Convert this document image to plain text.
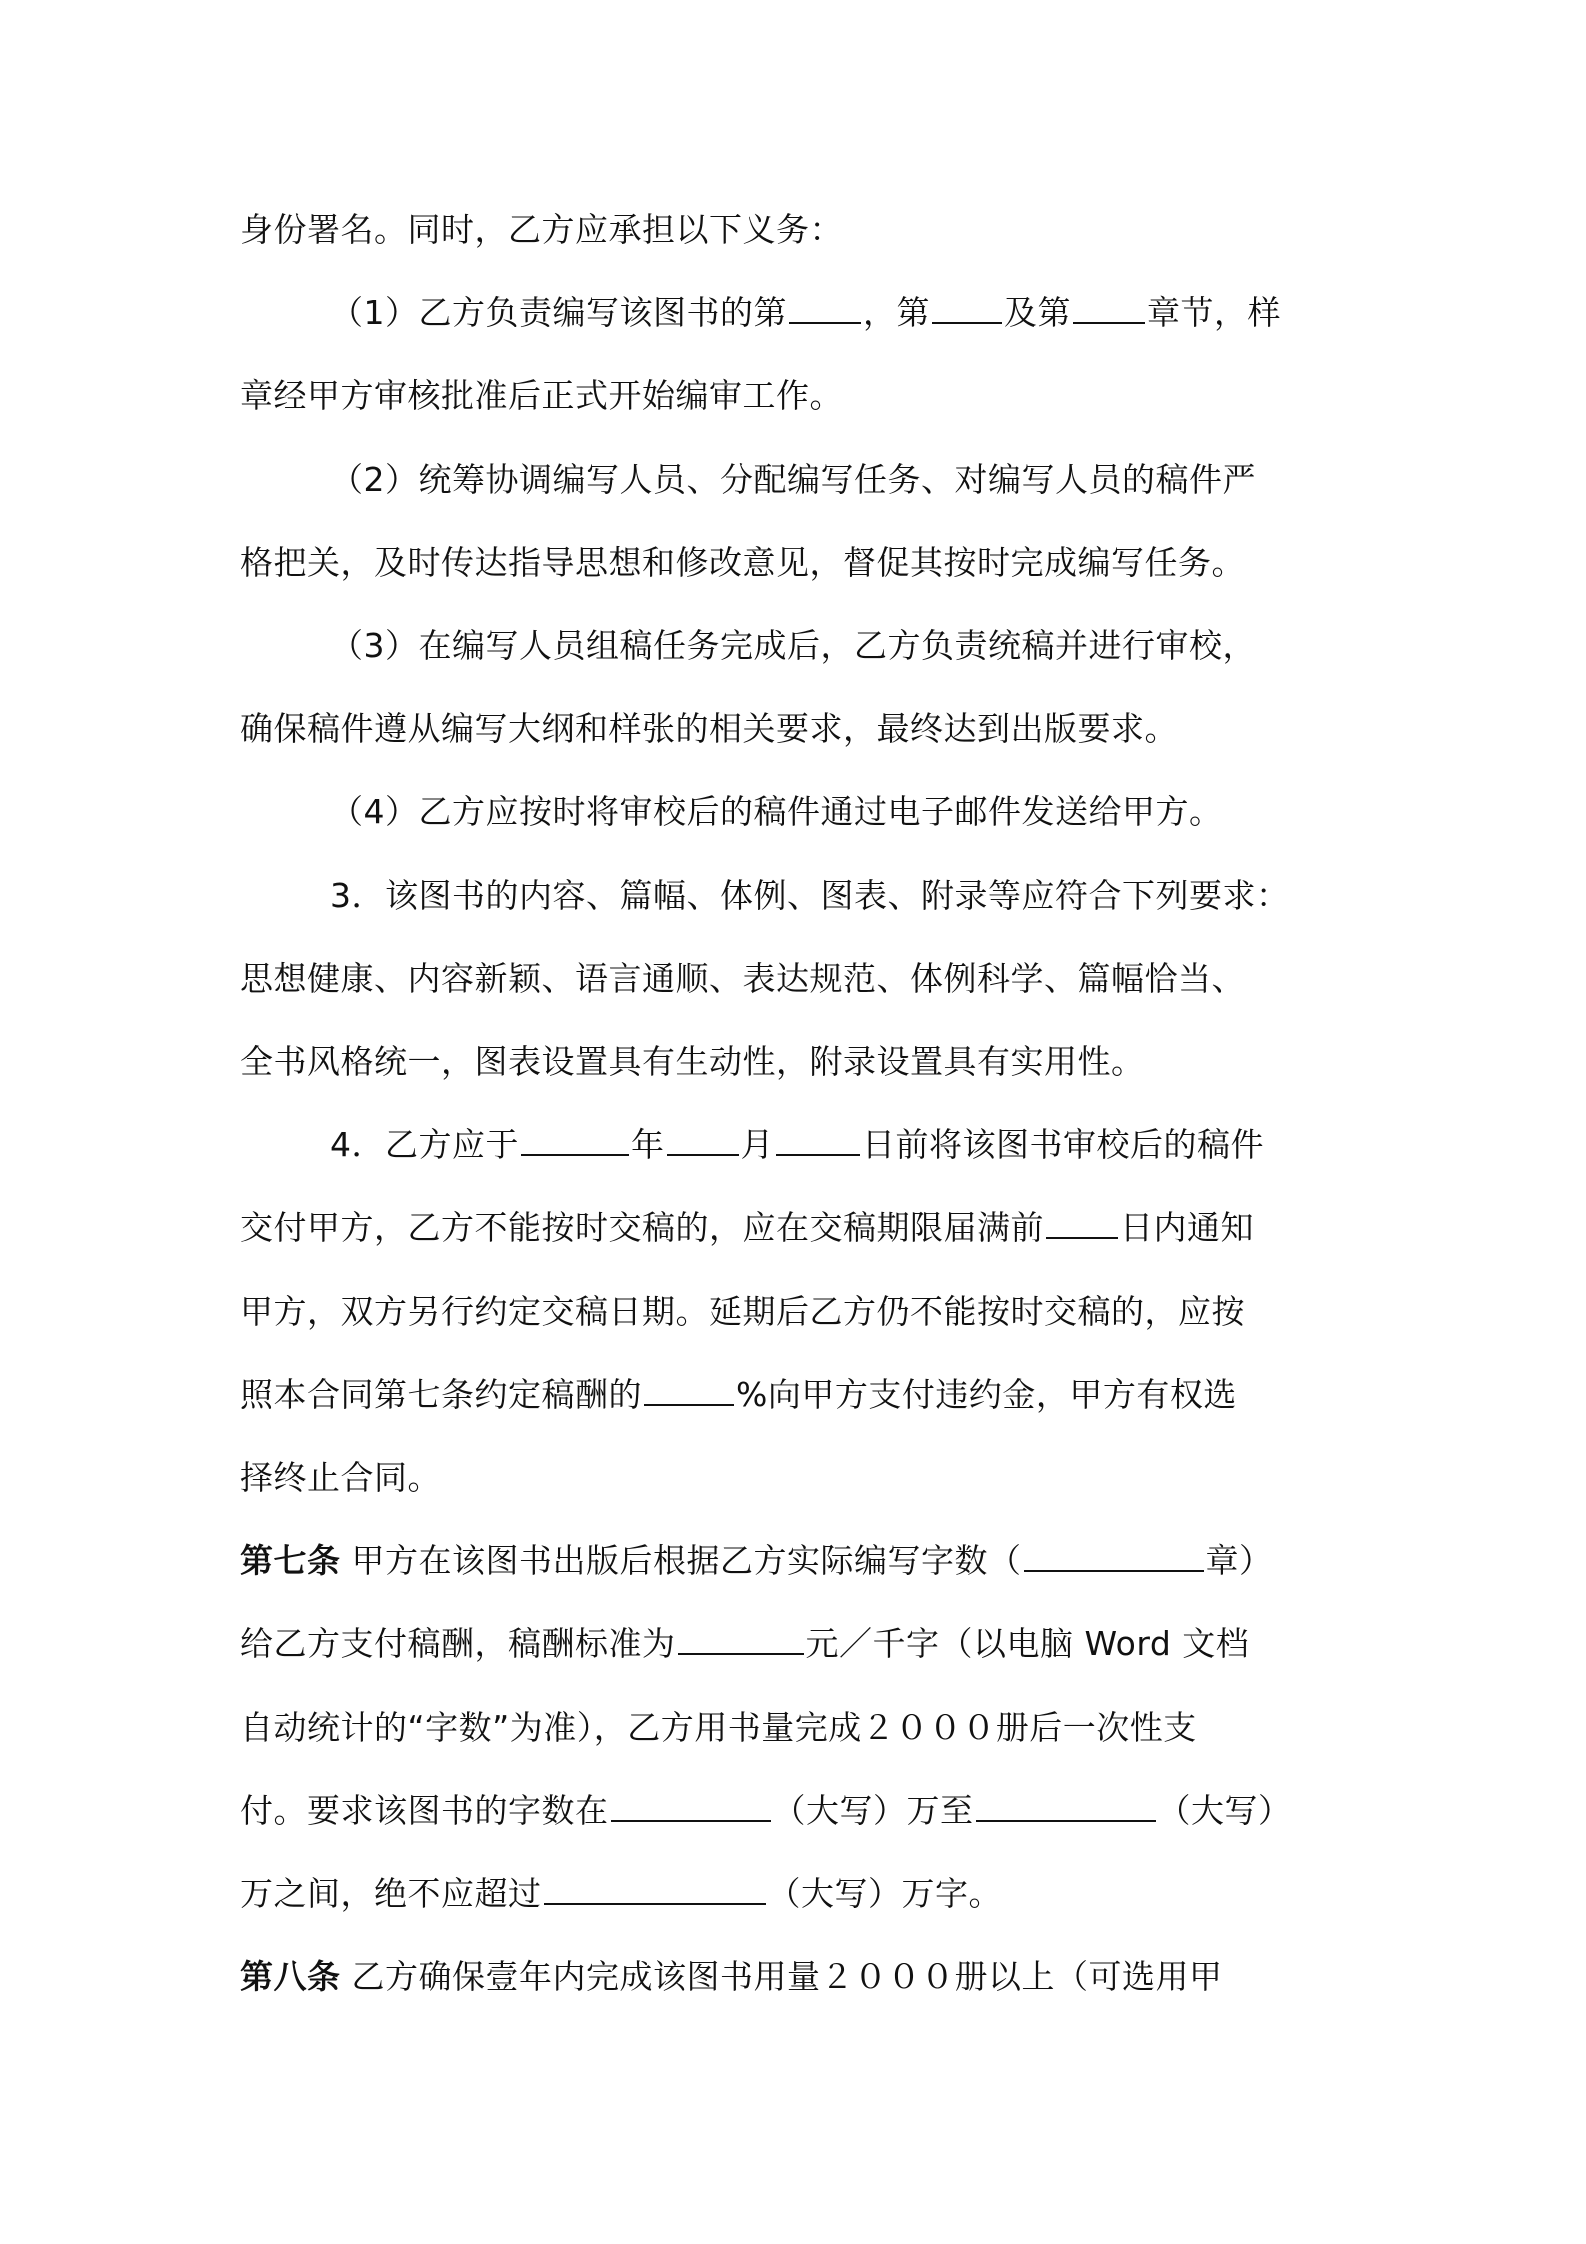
身份署名。同时，乙方应承担以下义务：
（1）乙方负责编写该图书的第 ，第 及第 章节，样
章经甲方审核批准后正式开始编审工作。
（2）统筹协调编写人员、分配编写任务、对编写人员的稿件严
格把关，及时传达指导思想和修改意见，督促其按时完成编写任务。
（3）在编写人员组稿任务完成后，乙方负责统稿并进行审校，
确保稿件遵从编写大纲和样张的相关要求，最终达到出版要求。
（4）乙方应按时将审校后的稿件通过电子邮件发送给甲方。
3．该图书的内容、篇幅、体例、图表、附录等应符合下列要求：
思想健康、内容新颖、语言通顺、表达规范、体例科学、篇幅恰当、
全书风格统一，图表设置具有生动性，附录设置具有实用性。
4．乙方应于	年 月	日前将该图书审校后的稿件
交付甲方，乙方不能按时交稿的，应在交稿期限届满前 日内通知
甲方，双方另行约定交稿日期。延期后乙方仍不能按时交稿的，应按
照本合同第七条约定稿酬的	%向甲方支付违约金，甲方有权选
择终止合同。
第七条 甲方在该图书出版后根据乙方实际编写字数（	章）
给乙方支付稿酬，稿酬标准为	元／千字（以电脑 Word 文档
自动统计的“字数”为准），乙方用书量完成２０００册后一次性支
付。要求该图书的字数在	（大写）万至	（大写）
万之间，绝不应超过	（大写）万字。
第八条 乙方确保壹年内完成该图书用量２０００册以上（可选用甲
